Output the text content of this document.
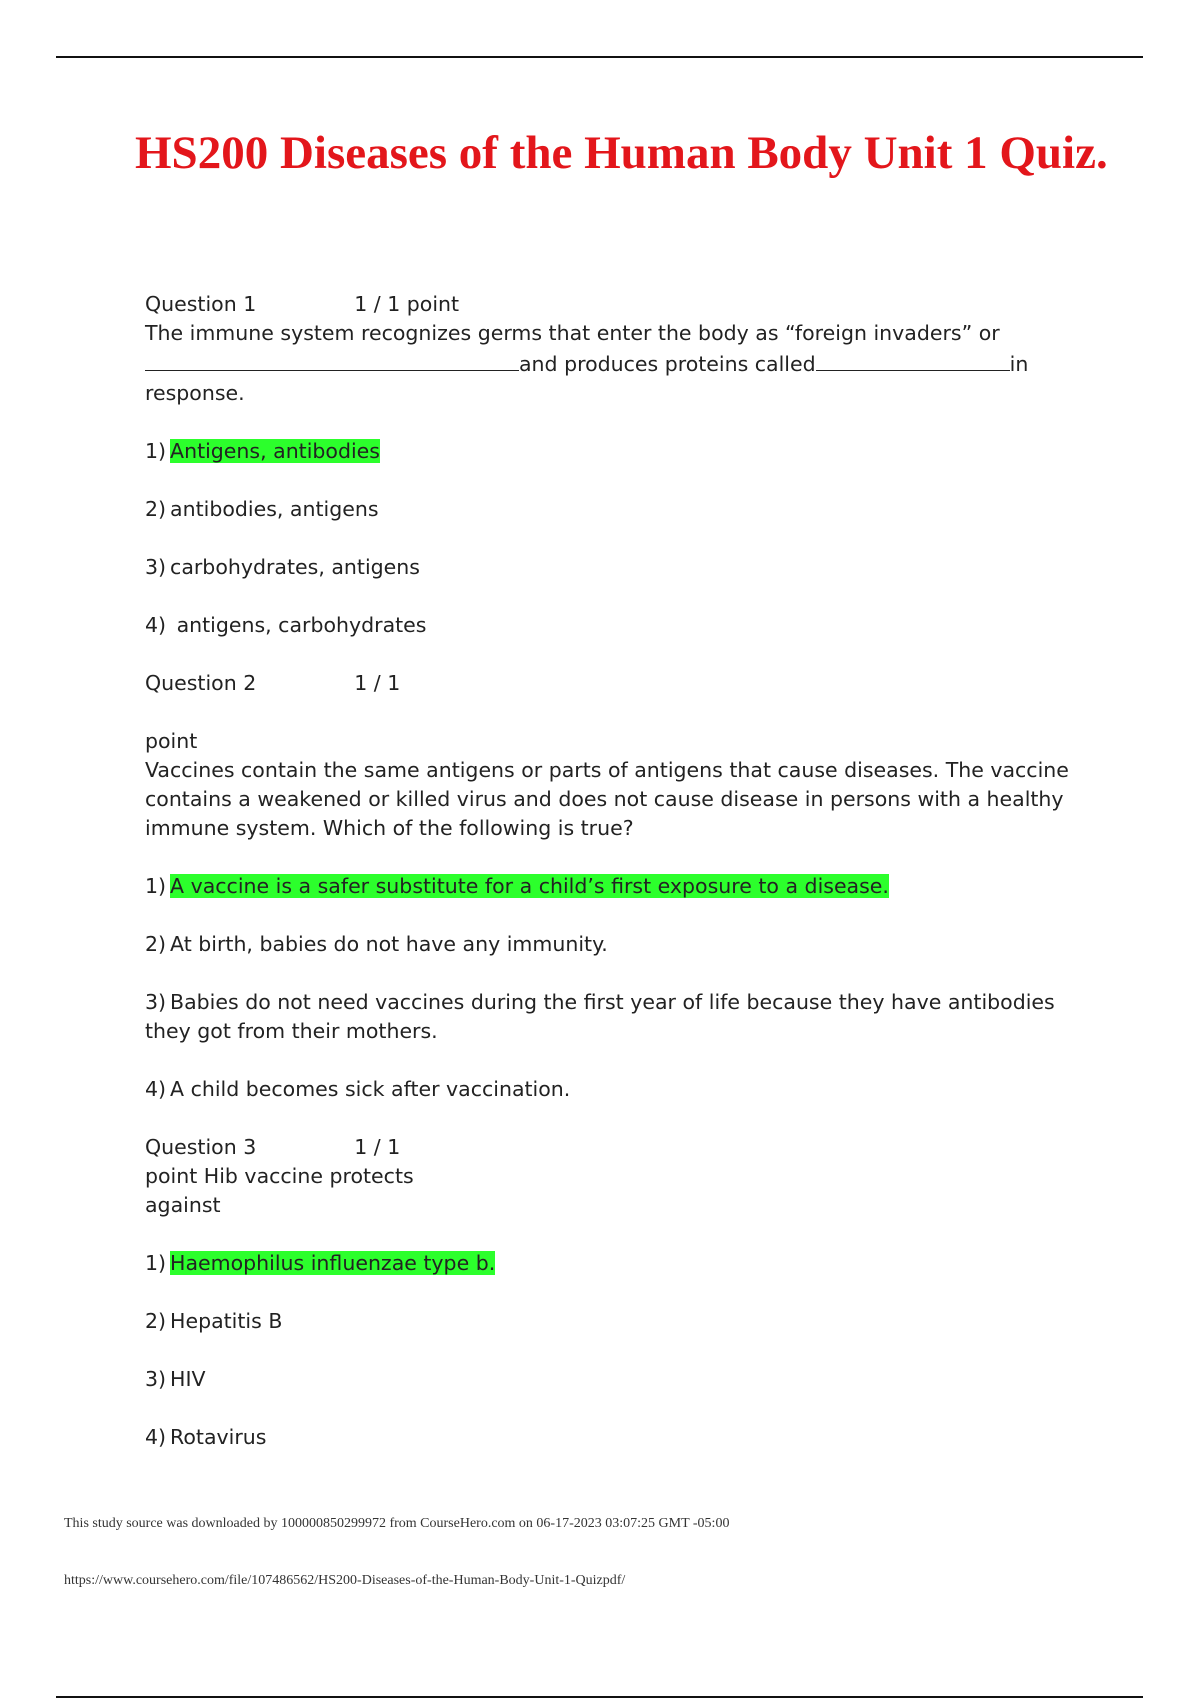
HS200 Diseases of the Human Body Unit 1 Quiz.
Question 1	1 / 1 point
The immune system recognizes germs that enter the body as “foreign invaders” or
and produces proteins called	in
response.
1) Antigens, antibodies
2) antibodies, antigens
3) carbohydrates, antigens
4) antigens, carbohydrates
Question 2	1 / 1
point
Vaccines contain the same antigens or parts of antigens that cause diseases. The vaccine contains a weakened or killed virus and does not cause disease in persons with a healthy immune system. Which of the following is true?
1) A vaccine is a safer substitute for a child’s first exposure to a disease.
2) At birth, babies do not have any immunity.
3) Babies do not need vaccines during the first year of life because they have antibodies they got from their mothers.
4) A child becomes sick after vaccination.
Question 3	1 / 1
point Hib vaccine protects
against
1) Haemophilus influenzae type b.
2) Hepatitis B
3) HIV
4) Rotavirus
This study source was downloaded by 100000850299972 from CourseHero.com on 06-17-2023 03:07:25 GMT -05:00
https://www.coursehero.com/file/107486562/HS200-Diseases-of-the-Human-Body-Unit-1-Quizpdf/
